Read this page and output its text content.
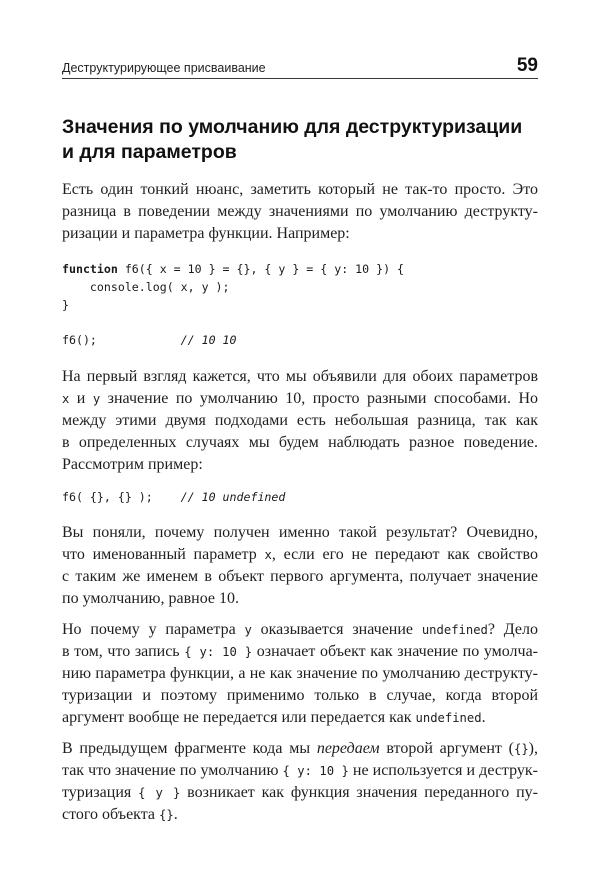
Деструктурирующее присваивание	59
Значения по умолчанию для деструктуризации
и для параметров

Есть один тонкий нюанс, заметить который не так-то просто. Это
разница в поведении между значениями по умолчанию деструкту-
ризации и параметра функции. Например:

function f6({ x = 10 } = {}, { y } = { y: 10 }) {
console.log( x, y );
}
f6();            // 10 10

На первый взгляд кажется, что мы объявили для обоих параметров
x и y значение по умолчанию 10, просто разными способами. Но
между этими двумя подходами есть небольшая разница, так как
в определенных случаях мы будем наблюдать разное поведение.
Рассмотрим пример:

f6( {}, {} );    // 10 undefined

Вы поняли, почему получен именно такой результат? Очевидно,
что именованный параметр x, если его не передают как свойство
с таким же именем в объект первого аргумента, получает значение
по умолчанию, равное 10.

Но почему у параметра y оказывается значение undefined? Дело
в том, что запись { y: 10 } означает объект как значение по умолча-
нию параметра функции, а не как значение по умолчанию деструкту-
туризации и поэтому применимо только в случае, когда второй
аргумент вообще не передается или передается как undefined.

В предыдущем фрагменте кода мы передаем второй аргумент ({}),
так что значение по умолчанию { y: 10 } не используется и деструк-
туризация { y } возникает как функция значения переданного пу-
стого объекта {}.
